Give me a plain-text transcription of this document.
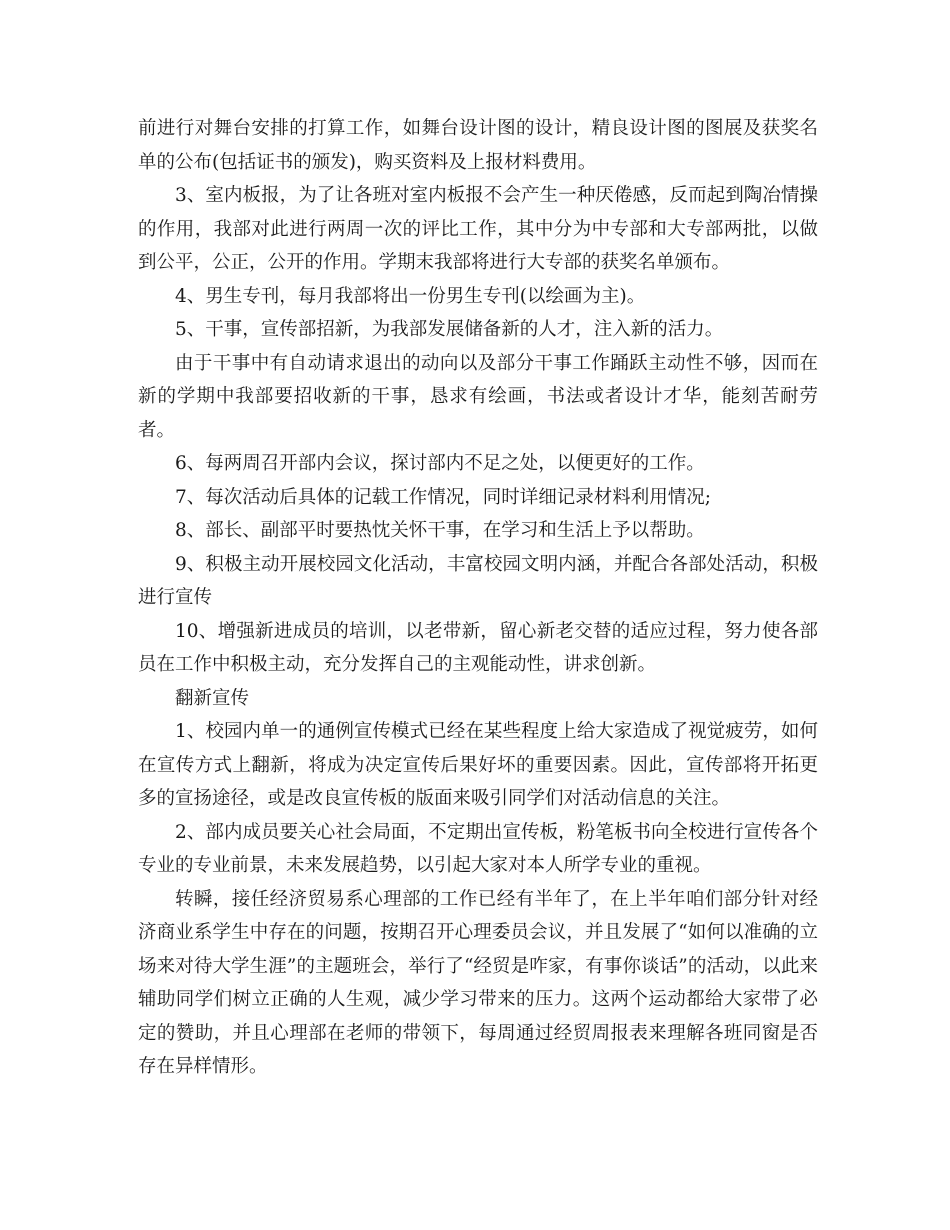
前进行对舞台安排的打算工作，如舞台设计图的设计，精良设计图的图展及获奖名单的公布(包括证书的颁发)，购买资料及上报材料费用。

3、室内板报，为了让各班对室内板报不会产生一种厌倦感，反而起到陶冶情操的作用，我部对此进行两周一次的评比工作，其中分为中专部和大专部两批，以做到公平，公正，公开的作用。学期末我部将进行大专部的获奖名单颁布。

4、男生专刊，每月我部将出一份男生专刊(以绘画为主)。

5、干事，宣传部招新，为我部发展储备新的人才，注入新的活力。

由于干事中有自动请求退出的动向以及部分干事工作踊跃主动性不够，因而在新的学期中我部要招收新的干事，恳求有绘画，书法或者设计才华，能刻苦耐劳者。

6、每两周召开部内会议，探讨部内不足之处，以便更好的工作。

7、每次活动后具体的记载工作情况，同时详细记录材料利用情况;

8、部长、副部平时要热忱关怀干事，在学习和生活上予以帮助。

9、积极主动开展校园文化活动，丰富校园文明内涵，并配合各部处活动，积极进行宣传

10、增强新进成员的培训，以老带新，留心新老交替的适应过程，努力使各部员在工作中积极主动，充分发挥自己的主观能动性，讲求创新。

翻新宣传

1、校园内单一的通例宣传模式已经在某些程度上给大家造成了视觉疲劳，如何在宣传方式上翻新，将成为决定宣传后果好坏的重要因素。因此，宣传部将开拓更多的宣扬途径，或是改良宣传板的版面来吸引同学们对活动信息的关注。

2、部内成员要关心社会局面，不定期出宣传板，粉笔板书向全校进行宣传各个专业的专业前景，未来发展趋势，以引起大家对本人所学专业的重视。

转瞬，接任经济贸易系心理部的工作已经有半年了，在上半年咱们部分针对经济商业系学生中存在的问题，按期召开心理委员会议，并且发展了“如何以准确的立场来对待大学生涯”的主题班会，举行了“经贸是咋家，有事你谈话”的活动，以此来辅助同学们树立正确的人生观，减少学习带来的压力。这两个运动都给大家带了必定的赞助，并且心理部在老师的带领下，每周通过经贸周报表来理解各班同窗是否存在异样情形。
